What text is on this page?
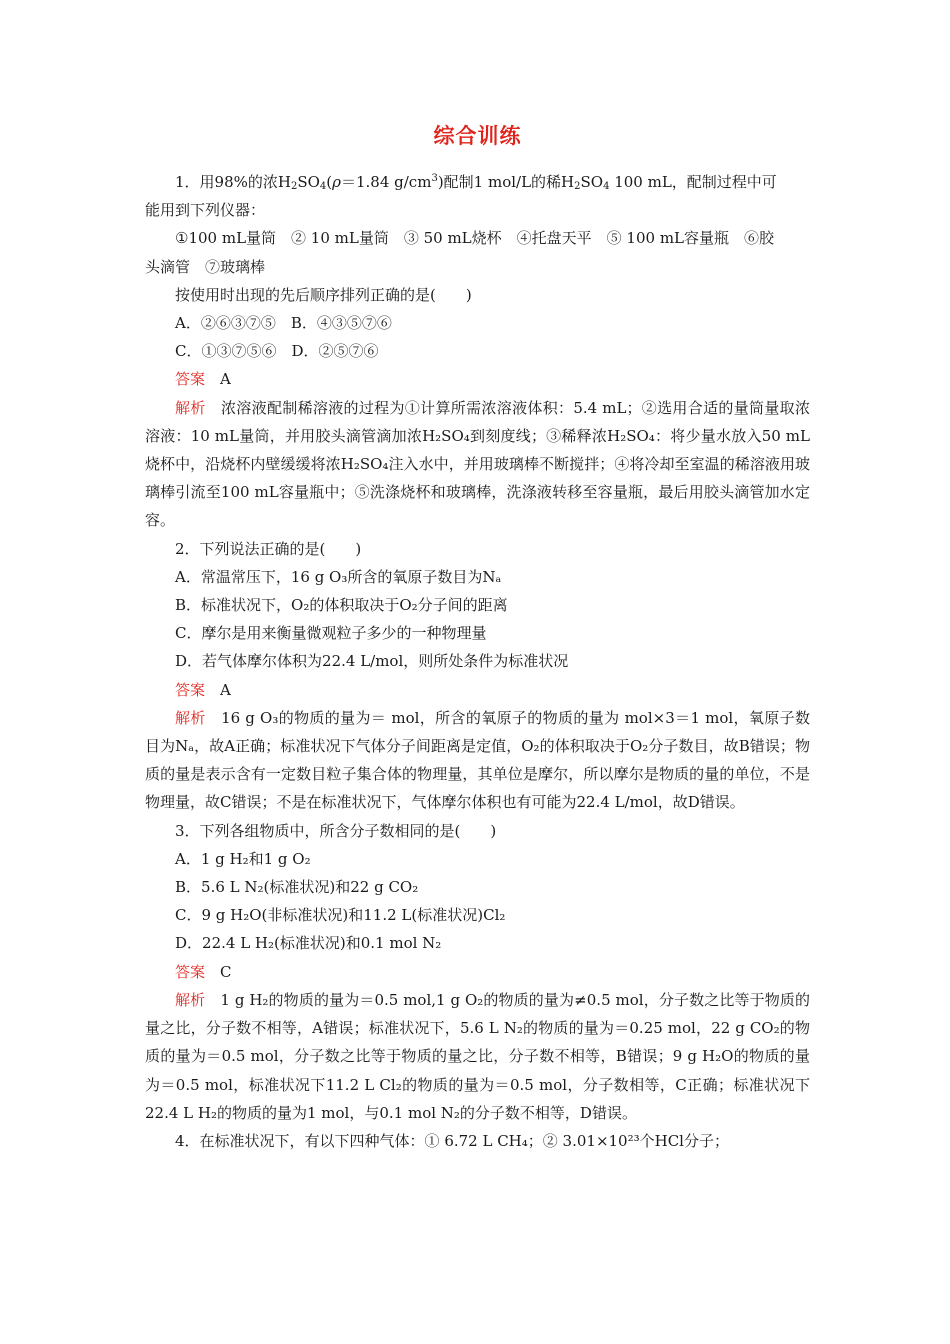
综合训练
1．用98%的浓$H_2SO_4(\rho=1.84$ $g/cm^3$)配制1 mol/L的稀$H_2SO_4$ 100 mL，配制过程中可
能用到下列仪器：
①100 mL量筒　② 10 mL量筒　③ 50 mL烧杯　④托盘天平　⑤ 100 mL容量瓶　⑥胶
头滴管　⑦玻璃棒
按使用时出现的先后顺序排列正确的是(　　)
A．②⑥③⑦⑤　B．④③⑤⑦⑥
C．①③⑦⑤⑥　D．②⑤⑦⑥
答案　A
解析　浓溶液配制稀溶液的过程为①计算所需浓溶液体积：5.4 mL；②选用合适的量筒量取浓溶液：10 mL量筒，并用胶头滴管滴加浓H₂SO₄到刻度线；③稀释浓H₂SO₄：将少量水放入50 mL烧杯中，沿烧杯内壁缓缓将浓H₂SO₄注入水中，并用玻璃棒不断搅拌；④将冷却至室温的稀溶液用玻璃棒引流至100 mL容量瓶中；⑤洗涤烧杯和玻璃棒，洗涤液转移至容量瓶，最后用胶头滴管加水定容。
2．下列说法正确的是(　　)
A．常温常压下，16 g O₃所含的氧原子数目为Nₐ
B．标准状况下，O₂的体积取决于O₂分子间的距离
C．摩尔是用来衡量微观粒子多少的一种物理量
D．若气体摩尔体积为22.4 L/mol，则所处条件为标准状况
答案　A
解析　16 g O₃的物质的量为＝ mol，所含的氧原子的物质的量为 mol×3＝1 mol，氧原子数目为Nₐ，故A正确；标准状况下气体分子间距离是定值，O₂的体积取决于O₂分子数目，故B错误；物质的量是表示含有一定数目粒子集合体的物理量，其单位是摩尔，所以摩尔是物质的量的单位，不是物理量，故C错误；不是在标准状况下，气体摩尔体积也有可能为22.4 L/mol，故D错误。
3．下列各组物质中，所含分子数相同的是(　　)
A．1 g H₂和1 g O₂
B．5.6 L N₂(标准状况)和22 g CO₂
C．9 g H₂O(非标准状况)和11.2 L(标准状况)Cl₂
D．22.4 L H₂(标准状况)和0.1 mol N₂
答案　C
解析　1 g H₂的物质的量为＝0.5 mol,1 g O₂的物质的量为≠0.5 mol，分子数之比等于物质的量之比，分子数不相等，A错误；标准状况下，5.6 L N₂的物质的量为＝0.25 mol，22 g CO₂的物质的量为＝0.5 mol，分子数之比等于物质的量之比，分子数不相等，B错误；9 g H₂O的物质的量为＝0.5 mol，标准状况下11.2 L Cl₂的物质的量为＝0.5 mol，分子数相等，C正确；标准状况下22.4 L H₂的物质的量为1 mol，与0.1 mol N₂的分子数不相等，D错误。
4．在标准状况下，有以下四种气体：① 6.72 L CH₄；② 3.01×10²³个HCl分子；
